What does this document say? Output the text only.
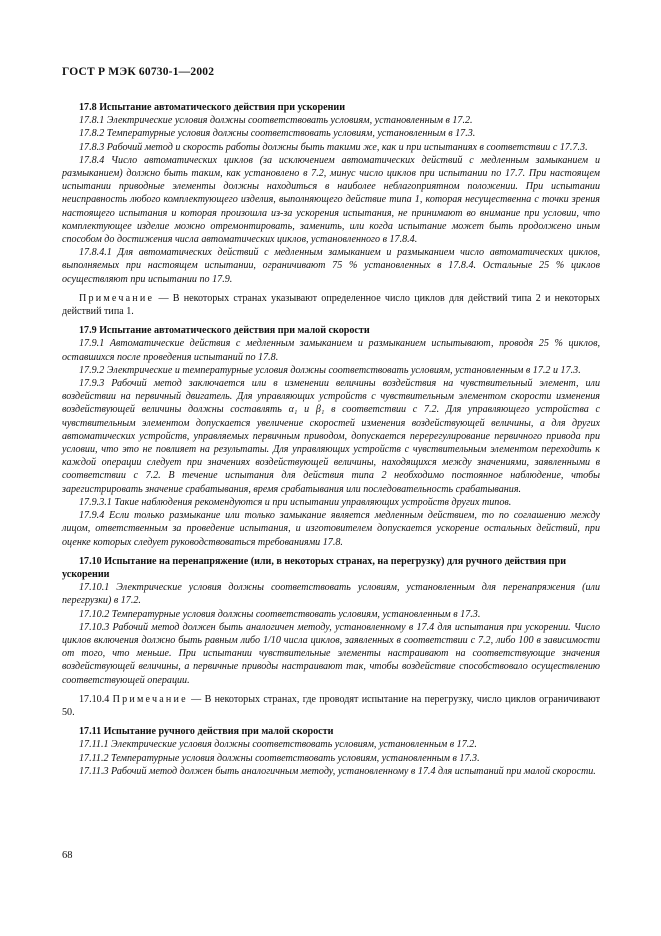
ГОСТ Р МЭК 60730-1—2002
17.8 Испытание автоматического действия при ускорении

17.8.1 Электрические условия должны соответствовать условиям, установленным в 17.2.

17.8.2 Температурные условия должны соответствовать условиям, установленным в 17.3.

17.8.3 Рабочий метод и скорость работы должны быть такими же, как и при испытаниях в соответствии с 17.7.3.

17.8.4 Число автоматических циклов (за исключением автоматических действий с медленным замыканием и размыканием) должно быть таким, как установлено в 7.2, минус число циклов при испытании по 17.7. При настоящем испытании приводные элементы должны находиться в наиболее неблагоприятном положении. При испытании неисправность любого комплектующего изделия, выполняющего действие типа 1, которая несущественна с точки зрения настоящего испытания и которая произошла из-за ускорения испытания, не принимают во внимание при условии, что комплектующее изделие можно отремонтировать, заменить, или когда испытание может быть продолжено иным способом до достижения числа автоматических циклов, установленного в 17.8.4.

17.8.4.1 Для автоматических действий с медленным замыканием и размыканием число автоматических циклов, выполняемых при настоящем испытании, ограничивают 75 % установленных в 17.8.4. Остальные 25 % циклов осуществляют при испытании по 17.9.

Примечание — В некоторых странах указывают определенное число циклов для действий типа 2 и некоторых действий типа 1.

17.9 Испытание автоматического действия при малой скорости

17.9.1 Автоматические действия с медленным замыканием и размыканием испытывают, проводя 25 % циклов, оставшихся после проведения испытаний по 17.8.

17.9.2 Электрические и температурные условия должны соответствовать условиям, установленным в 17.2 и 17.3.

17.9.3 Рабочий метод заключается или в изменении величины воздействия на чувствительный элемент, или воздействии на первичный двигатель. Для управляющих устройств с чувствительным элементом скорости изменения воздействующей величины должны составлять α₁ и β₁ в соответствии с 7.2. Для управляющего устройства с чувствительным элементом допускается увеличение скоростей изменения воздействующей величины, а для других автоматических устройств, управляемых первичным приводом, допускается перерегулирование первичного привода при условии, что это не повлияет на результаты. Для управляющих устройств с чувствительным элементом переходить к каждой операции следует при значениях воздействующей величины, находящихся между значениями, заявленными в соответствии с 7.2. В течение испытания для действия типа 2 необходимо постоянное наблюдение, чтобы зарегистрировать значение срабатывания, время срабатывания или последовательность срабатывания.

17.9.3.1 Такие наблюдения рекомендуются и при испытании управляющих устройств других типов.

17.9.4 Если только размыкание или только замыкание является медленным действием, то по соглашению между лицом, ответственным за проведение испытания, и изготовителем допускается ускорение остальных действий, при оценке которых следует руководствоваться требованиями 17.8.

17.10 Испытание на перенапряжение (или, в некоторых странах, на перегрузку) для ручного действия при ускорении

17.10.1 Электрические условия должны соответствовать условиям, установленным для перенапряжения (или перегрузки) в 17.2.

17.10.2 Температурные условия должны соответствовать условиям, установленным в 17.3.

17.10.3 Рабочий метод должен быть аналогичен методу, установленному в 17.4 для испытания при ускорении. Число циклов включения должно быть равным либо 1/10 числа циклов, заявленных в соответствии с 7.2, либо 100 в зависимости от того, что меньше. При испытании чувствительные элементы настраивают на соответствующие значения воздействующей величины, а первичные приводы настраивают так, чтобы воздействие способствовало осуществлению соответствующей операции.

17.10.4 Примечание — В некоторых странах, где проводят испытание на перегрузку, число циклов ограничивают 50.

17.11 Испытание ручного действия при малой скорости

17.11.1 Электрические условия должны соответствовать условиям, установленным в 17.2.

17.11.2 Температурные условия должны соответствовать условиям, установленным в 17.3.

17.11.3 Рабочий метод должен быть аналогичным методу, установленному в 17.4 для испытаний при малой скорости.

68
